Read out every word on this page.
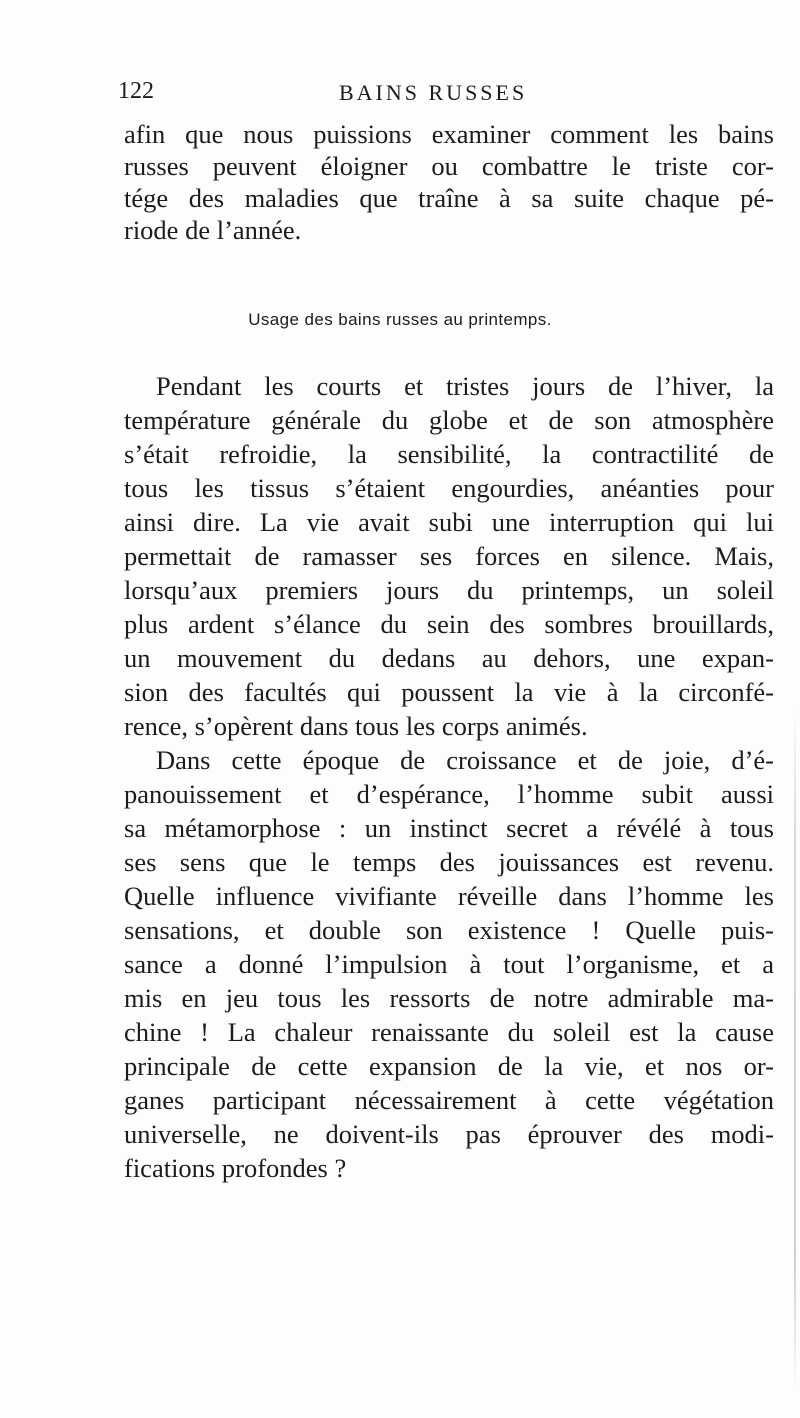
122	BAINS RUSSES
afin que nous puissions examiner comment les bains
russes peuvent éloigner ou combattre le triste cor-
tége des maladies que traîne à sa suite chaque pé-
riode de l’année.
Usage des bains russes au printemps.
Pendant les courts et tristes jours de l’hiver, la
température générale du globe et de son atmosphère
s’était refroidie, la sensibilité, la contractilité de
tous les tissus s’étaient engourdies, anéanties pour
ainsi dire. La vie avait subi une interruption qui lui
permettait de ramasser ses forces en silence. Mais,
lorsqu’aux premiers jours du printemps, un soleil
plus ardent s’élance du sein des sombres brouillards,
un mouvement du dedans au dehors, une expan-
sion des facultés qui poussent la vie à la circonfé-
rence, s’opèrent dans tous les corps animés.
Dans cette époque de croissance et de joie, d’é-
panouissement et d’espérance, l’homme subit aussi
sa métamorphose : un instinct secret a révélé à tous
ses sens que le temps des jouissances est revenu.
Quelle influence vivifiante réveille dans l’homme les
sensations, et double son existence ! Quelle puis-
sance a donné l’impulsion à tout l’organisme, et a
mis en jeu tous les ressorts de notre admirable ma-
chine ! La chaleur renaissante du soleil est la cause
principale de cette expansion de la vie, et nos or-
ganes participant nécessairement à cette végétation
universelle, ne doivent-ils pas éprouver des modi-
fications profondes ?
